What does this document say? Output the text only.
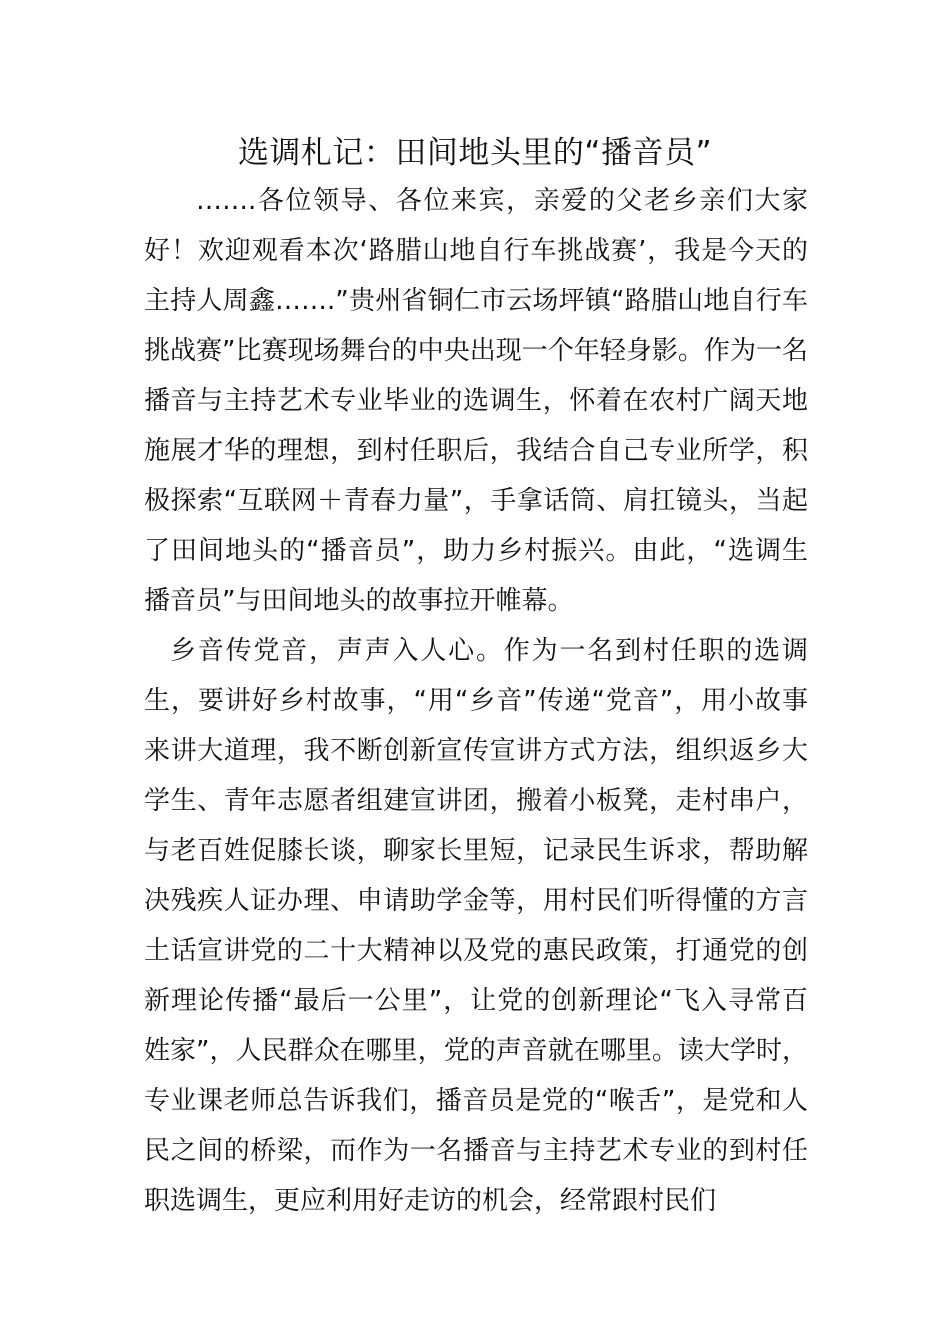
选调札记：田间地头里的“播音员”

…….各位领导、各位来宾，亲爱的父老乡亲们大家好！欢迎观看本次‘路腊山地自行车挑战赛’，我是今天的主持人周鑫…….”贵州省铜仁市云场坪镇“路腊山地自行车挑战赛”比赛现场舞台的中央出现一个年轻身影。作为一名播音与主持艺术专业毕业的选调生，怀着在农村广阔天地施展才华的理想，到村任职后，我结合自己专业所学，积极探索“互联网＋青春力量”，手拿话筒、肩扛镜头，当起了田间地头的“播音员”，助力乡村振兴。由此，“选调生播音员”与田间地头的故事拉开帷幕。

乡音传党音，声声入人心。作为一名到村任职的选调生，要讲好乡村故事，“用“乡音”传递“党音”，用小故事来讲大道理，我不断创新宣传宣讲方式方法，组织返乡大学生、青年志愿者组建宣讲团，搬着小板凳，走村串户，与老百姓促膝长谈，聊家长里短，记录民生诉求，帮助解决残疾人证办理、申请助学金等，用村民们听得懂的方言土话宣讲党的二十大精神以及党的惠民政策，打通党的创新理论传播“最后一公里”，让党的创新理论“飞入寻常百姓家”，人民群众在哪里，党的声音就在哪里。读大学时，专业课老师总告诉我们，播音员是党的“喉舌”，是党和人民之间的桥梁，而作为一名播音与主持艺术专业的到村任职选调生，更应利用好走访的机会，经常跟村民们
